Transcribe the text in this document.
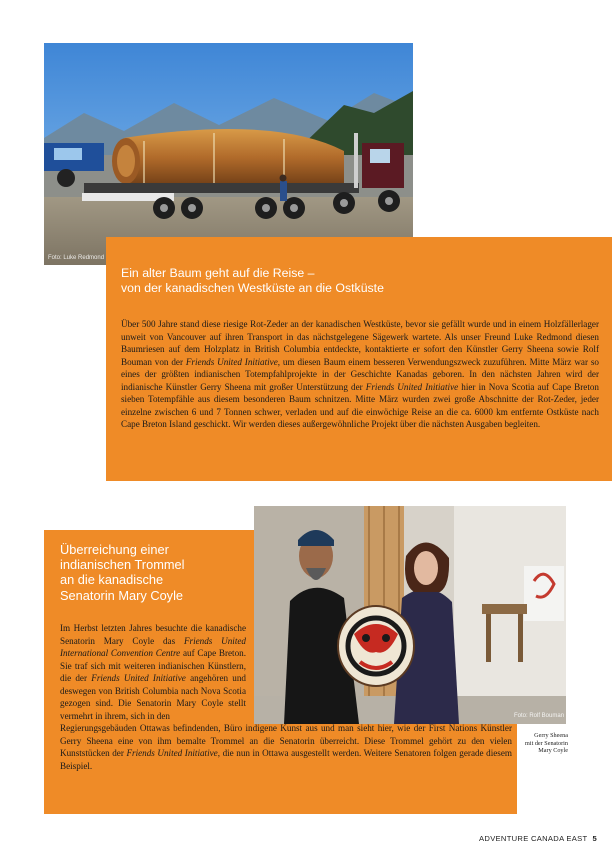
Foto: Luke Redmond
Ein alter Baum geht auf die Reise –
von der kanadischen Westküste an die Ostküste

Über 500 Jahre stand diese riesige Rot-Zeder an der kanadischen Westküste, bevor sie gefällt wurde und in einem Holzfällerlager unweit von Vancouver auf ihren Transport in das nächstgelegene Sägewerk wartete. Als unser Freund Luke Redmond diesen Baumriesen auf dem Holzplatz in British Columbia entdeckte, kontaktierte er sofort den Künstler Gerry Sheena sowie Rolf Bouman von der Friends United Initiative, um diesen Baum einem besseren Verwendungszweck zuzuführen. Mitte März war so eines der größten indianischen Totempfahlprojekte in der Geschichte Kanadas geboren. In den nächsten Jahren wird der indianische Künstler Gerry Sheena mit großer Unterstützung der Friends United Initiative hier in Nova Scotia auf Cape Breton sieben Totempfähle aus diesem besonderen Baum schnitzen. Mitte März wurden zwei große Abschnitte der Rot-Zeder, jeder einzelne zwischen 6 und 7 Tonnen schwer, verladen und auf die einwöchige Reise an die ca. 6000 km entfernte Ostküste nach Cape Breton Island geschickt. Wir werden dieses außergewöhnliche Projekt über die nächsten Ausgaben begleiten.

Foto: Rolf Bouman
Gerry Sheena
mit der Senatorin
Mary Coyle
Überreichung einer
indianischen Trommel
an die kanadische
Senatorin Mary Coyle

Im Herbst letzten Jahres besuchte die kanadische Senatorin Mary Coyle das Friends United International Convention Centre auf Cape Breton. Sie traf sich mit weiteren indianischen Künstlern, die der Friends United Initiative angehören und deswegen von British Columbia nach Nova Scotia gezogen sind. Die Senatorin Mary Coyle stellt vermehrt in ihrem, sich in den

ADVENTURE CANADA EAST 5

Regierungsgebäuden Ottawas befindenden, Büro indigene Kunst aus und man sieht hier, wie der First Nations Künstler Gerry Sheena eine von ihm bemalte Trommel an die Senatorin überreicht. Diese Trommel gehört zu den vielen Kunststücken der Friends United Initiative, die nun in Ottawa ausgestellt werden. Weitere Senatoren folgen gerade diesem Beispiel.
